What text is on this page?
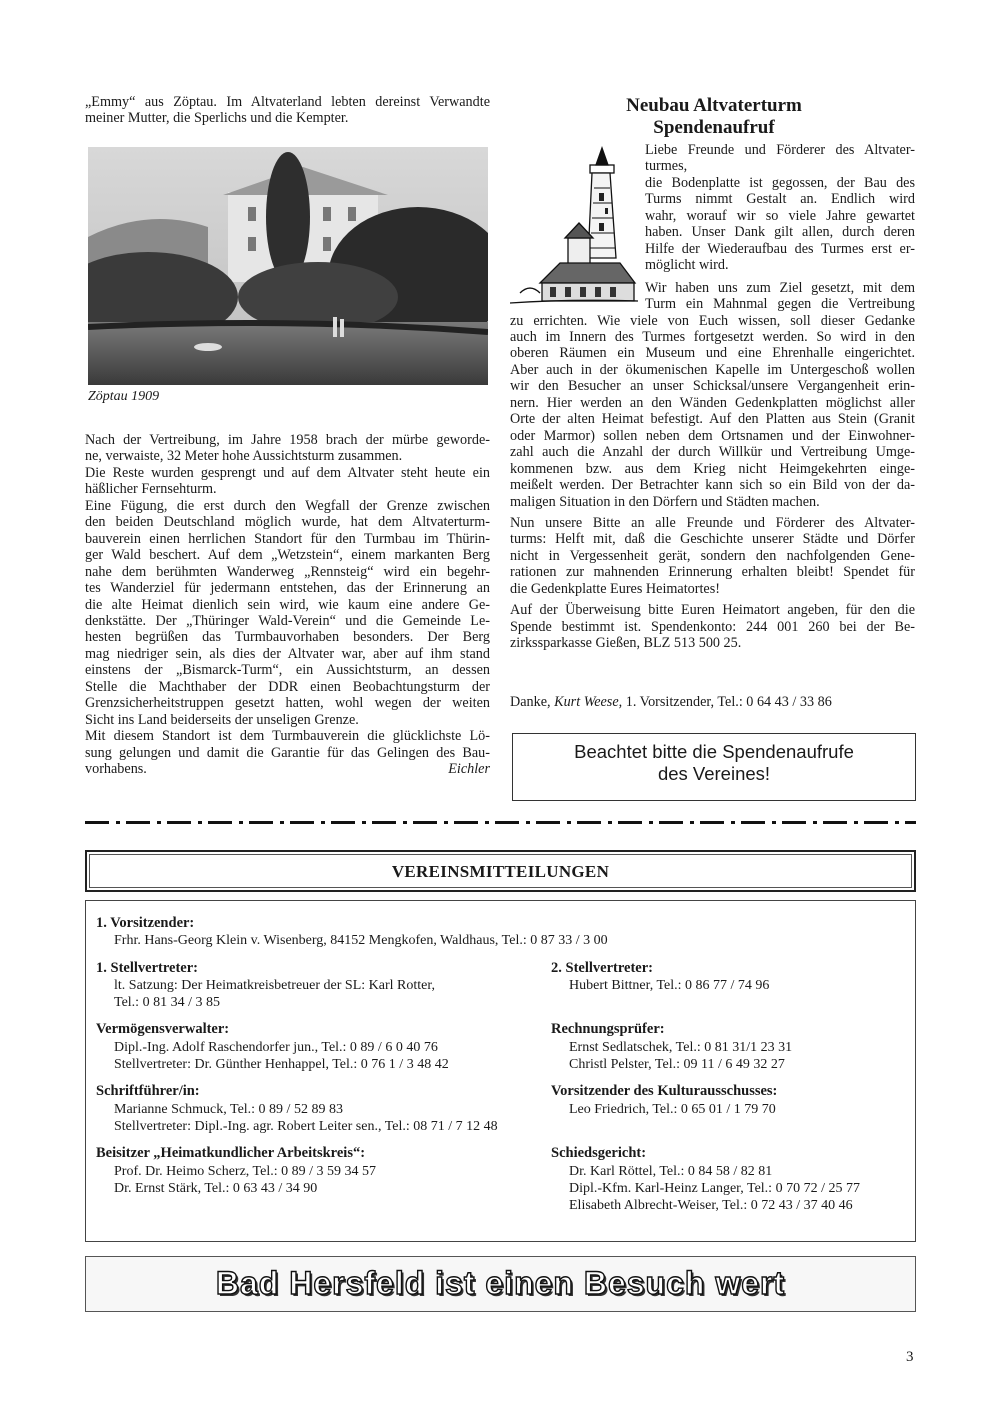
„Emmy“ aus Zöptau. Im Altvaterland lebten dereinst Verwandte
meiner Mutter, die Sperlichs und die Kempter.
Zöptau 1909
Nach der Vertreibung, im Jahre 1958 brach der mürbe geworde-
ne, verwaiste, 32 Meter hohe Aussichtsturm zusammen.
Die Reste wurden gesprengt und auf dem Altvater steht heute ein
häßlicher Fernsehturm.
Eine Fügung, die erst durch den Wegfall der Grenze zwischen
den beiden Deutschland möglich wurde, hat dem Altvaterturm-
bauverein einen herrlichen Standort für den Turmbau im Thürin-
ger Wald beschert. Auf dem „Wetzstein“, einem markanten Berg
nahe dem berühmten Wanderweg „Rennsteig“ wird ein begehr-
tes Wanderziel für jedermann entstehen, das der Erinnerung an
die alte Heimat dienlich sein wird, wie kaum eine andere Ge-
denkstätte. Der „Thüringer Wald-Verein“ und die Gemeinde Le-
hesten begrüßen das Turmbauvorhaben besonders. Der Berg
mag niedriger sein, als dies der Altvater war, aber auf ihm stand
einstens der „Bismarck-Turm“, ein Aussichtsturm, an dessen
Stelle die Machthaber der DDR einen Beobachtungsturm der
Grenzsicherheitstruppen gesetzt hatten, wohl wegen der weiten
Sicht ins Land beiderseits der unseligen Grenze.
Mit diesem Standort ist dem Turmbauverein die glücklichste Lö-
sung gelungen und damit die Garantie für das Gelingen des Bau-
vorhabens.	Eichler
Neubau Altvaterturm
Spendenaufruf
Liebe Freunde und Förderer des Altvater-
turmes,
die Bodenplatte ist gegossen, der Bau des
Turms nimmt Gestalt an. Endlich wird
wahr, worauf wir so viele Jahre gewartet
haben. Unser Dank gilt allen, durch deren
Hilfe der Wiederaufbau des Turmes erst er-
möglicht wird.
Wir haben uns zum Ziel gesetzt, mit dem
Turm ein Mahnmal gegen die Vertreibung
zu errichten. Wie viele von Euch wissen, soll dieser Gedanke
auch im Innern des Turmes fortgesetzt werden. So wird in den
oberen Räumen ein Museum und eine Ehrenhalle eingerichtet.
Aber auch in der ökumenischen Kapelle im Untergeschoß wollen
wir den Besucher an unser Schicksal/unsere Vergangenheit erin-
nern. Hier werden an den Wänden Gedenkplatten möglichst aller
Orte der alten Heimat befestigt. Auf den Platten aus Stein (Granit
oder Marmor) sollen neben dem Ortsnamen und der Einwohner-
zahl auch die Anzahl der durch Willkür und Vertreibung Umge-
kommenen bzw. aus dem Krieg nicht Heimgekehrten einge-
meißelt werden. Der Betrachter kann sich so ein Bild von der da-
maligen Situation in den Dörfern und Städten machen.
Nun unsere Bitte an alle Freunde und Förderer des Altvater-
turms: Helft mit, daß die Geschichte unserer Städte und Dörfer
nicht in Vergessenheit gerät, sondern den nachfolgenden Gene-
rationen zur mahnenden Erinnerung erhalten bleibt! Spendet für
die Gedenkplatte Eures Heimatortes!
Auf der Überweisung bitte Euren Heimatort angeben, für den die
Spende bestimmt ist. Spendenkonto: 244 001 260 bei der Be-
zirkssparkasse Gießen, BLZ 513 500 25.
Danke, Kurt Weese, 1. Vorsitzender, Tel.: 0 64 43 / 33 86
Beachtet bitte die Spendenaufrufe
des Vereines!
VEREINSMITTEILUNGEN
1. Vorsitzender:
Frhr. Hans-Georg Klein v. Wisenberg, 84152 Mengkofen, Waldhaus, Tel.: 0 87 33 / 3 00
1. Stellvertreter:
lt. Satzung: Der Heimatkreisbetreuer der SL: Karl Rotter,
Tel.: 0 81 34 / 3 85
2. Stellvertreter:
Hubert Bittner, Tel.: 0 86 77 / 74 96
Vermögensverwalter:
Dipl.-Ing. Adolf Raschendorfer jun., Tel.: 0 89 / 6 0 40 76
Stellvertreter: Dr. Günther Henhappel, Tel.: 0 76 1 / 3 48 42
Rechnungsprüfer:
Ernst Sedlatschek, Tel.: 0 81 31/1 23 31
Christl Pelster, Tel.: 09 11 / 6 49 32 27
Schriftführer/in:
Marianne Schmuck, Tel.: 0 89 / 52 89 83
Stellvertreter: Dipl.-Ing. agr. Robert Leiter sen., Tel.: 08 71 / 7 12 48
Vorsitzender des Kulturausschusses:
Leo Friedrich, Tel.: 0 65 01 / 1 79 70
Beisitzer „Heimatkundlicher Arbeitskreis“:
Prof. Dr. Heimo Scherz, Tel.: 0 89 / 3 59 34 57
Dr. Ernst Stärk, Tel.: 0 63 43 / 34 90
Schiedsgericht:
Dr. Karl Röttel, Tel.: 0 84 58 / 82 81
Dipl.-Kfm. Karl-Heinz Langer, Tel.: 0 70 72 / 25 77
Elisabeth Albrecht-Weiser, Tel.: 0 72 43 / 37 40 46
Bad Hersfeld ist einen Besuch wert
3
